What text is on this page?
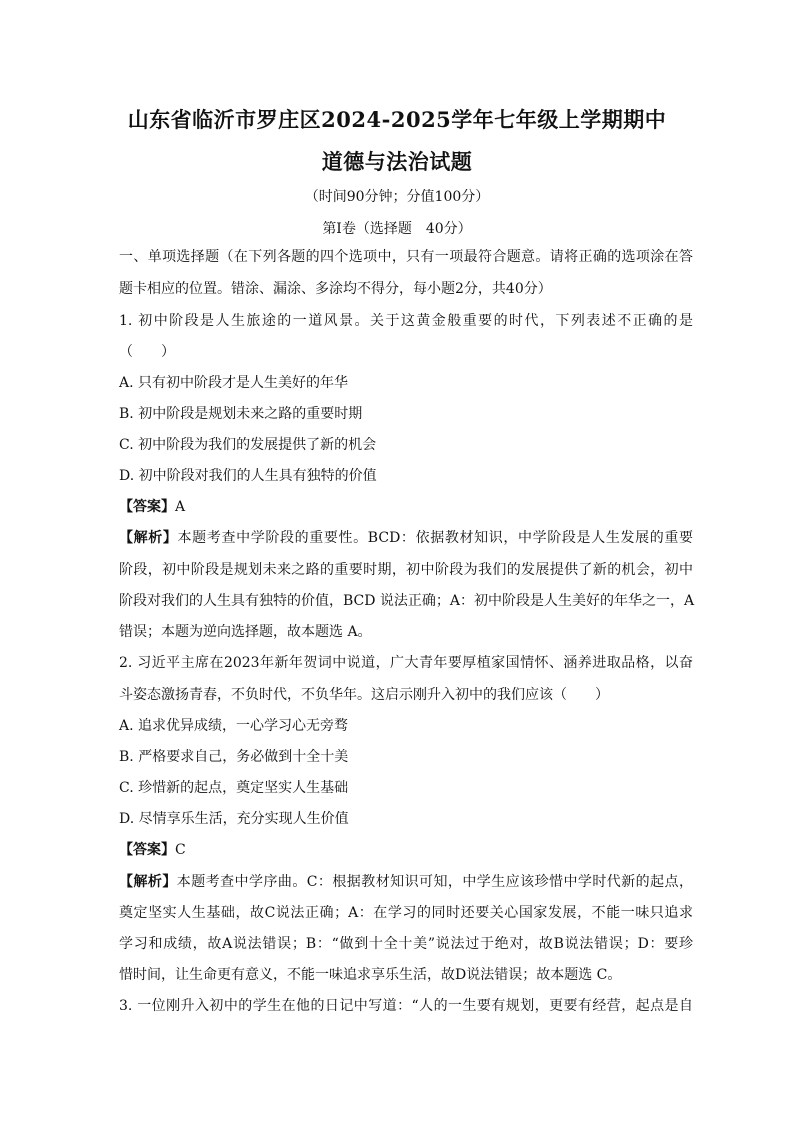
山东省临沂市罗庄区2024-2025学年七年级上学期期中
道德与法治试题
（时间90分钟；分值100分）
第Ⅰ卷（选择题　40分）
一、单项选择题（在下列各题的四个选项中，只有一项最符合题意。请将正确的选项涂在答
题卡相应的位置。错涂、漏涂、多涂均不得分，每小题2分，共40分）
1. 初中阶段是人生旅途的一道风景。关于这黄金般重要的时代，下列表述不正确的是
（　　）
A. 只有初中阶段才是人生美好的年华
B. 初中阶段是规划未来之路的重要时期
C. 初中阶段为我们的发展提供了新的机会
D. 初中阶段对我们的人生具有独特的价值
【答案】A
【解析】本题考查中学阶段的重要性。BCD：依据教材知识，中学阶段是人生发展的重要
阶段，初中阶段是规划未来之路的重要时期，初中阶段为我们的发展提供了新的机会，初中
阶段对我们的人生具有独特的价值，BCD 说法正确；A：初中阶段是人生美好的年华之一，A
错误；本题为逆向选择题，故本题选 A。
2. 习近平主席在2023年新年贺词中说道，广大青年要厚植家国情怀、涵养进取品格，以奋
斗姿态激扬青春，不负时代，不负华年。这启示刚升入初中的我们应该（　　）
A. 追求优异成绩，一心学习心无旁骛
B. 严格要求自己，务必做到十全十美
C. 珍惜新的起点，奠定坚实人生基础
D. 尽情享乐生活，充分实现人生价值
【答案】C
【解析】本题考查中学序曲。C：根据教材知识可知，中学生应该珍惜中学时代新的起点，
奠定坚实人生基础，故C说法正确；A：在学习的同时还要关心国家发展，不能一味只追求
学习和成绩，故A说法错误；B：“做到十全十美”说法过于绝对，故B说法错误；D：要珍
惜时间，让生命更有意义，不能一味追求享乐生活，故D说法错误；故本题选 C。
3. 一位刚升入初中的学生在他的日记中写道：“人的一生要有规划，更要有经营，起点是自
